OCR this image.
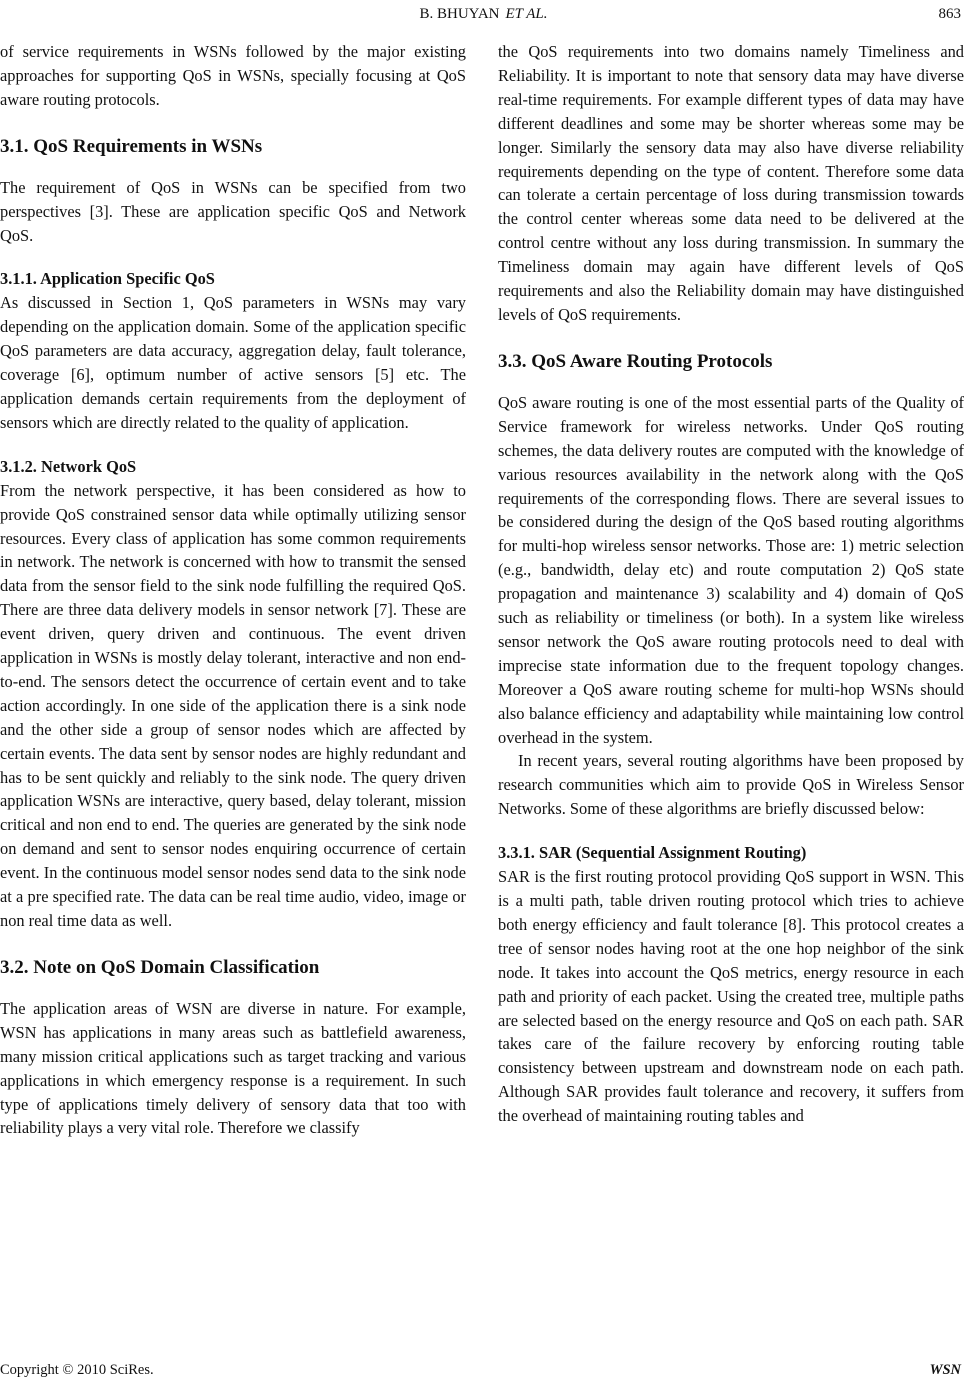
B. BHUYAN ET AL.	863

of service requirements in WSNs followed by the major existing approaches for supporting QoS in WSNs, specially focusing at QoS aware routing protocols.

3.1. QoS Requirements in WSNs

The requirement of QoS in WSNs can be specified from two perspectives [3]. These are application specific QoS and Network QoS.

3.1.1. Application Specific QoS

As discussed in Section 1, QoS parameters in WSNs may vary depending on the application domain. Some of the application specific QoS parameters are data accuracy, aggregation delay, fault tolerance, coverage [6], optimum number of active sensors [5] etc. The application demands certain requirements from the deployment of sensors which are directly related to the quality of application.

3.1.2. Network QoS

From the network perspective, it has been considered as how to provide QoS constrained sensor data while optimally utilizing sensor resources. Every class of application has some common requirements in network. The network is concerned with how to transmit the sensed data from the sensor field to the sink node fulfilling the required QoS. There are three data delivery models in sensor network [7]. These are event driven, query driven and continuous. The event driven application in WSNs is mostly delay tolerant, interactive and non end-to-end. The sensors detect the occurrence of certain event and to take action accordingly. In one side of the application there is a sink node and the other side a group of sensor nodes which are affected by certain events. The data sent by sensor nodes are highly redundant and has to be sent quickly and reliably to the sink node. The query driven application WSNs are interactive, query based, delay tolerant, mission critical and non end to end. The queries are generated by the sink node on demand and sent to sensor nodes enquiring occurrence of certain event. In the continuous model sensor nodes send data to the sink node at a pre specified rate. The data can be real time audio, video, image or non real time data as well.

3.2. Note on QoS Domain Classification

The application areas of WSN are diverse in nature. For example, WSN has applications in many areas such as battlefield awareness, many mission critical applications such as target tracking and various applications in which emergency response is a requirement. In such type of applications timely delivery of sensory data that too with reliability plays a very vital role. Therefore we classify

the QoS requirements into two domains namely Timeliness and Reliability. It is important to note that sensory data may have diverse real-time requirements. For example different types of data may have different deadlines and some may be shorter whereas some may be longer. Similarly the sensory data may also have diverse reliability requirements depending on the type of content. Therefore some data can tolerate a certain percentage of loss during transmission towards the control center whereas some data need to be delivered at the control centre without any loss during transmission. In summary the Timeliness domain may again have different levels of QoS requirements and also the Reliability domain may have distinguished levels of QoS requirements.

3.3. QoS Aware Routing Protocols

QoS aware routing is one of the most essential parts of the Quality of Service framework for wireless networks. Under QoS routing schemes, the data delivery routes are computed with the knowledge of various resources availability in the network along with the QoS requirements of the corresponding flows. There are several issues to be considered during the design of the QoS based routing algorithms for multi-hop wireless sensor networks. Those are: 1) metric selection (e.g., bandwidth, delay etc) and route computation 2) QoS state propagation and maintenance 3) scalability and 4) domain of QoS such as reliability or timeliness (or both). In a system like wireless sensor network the QoS aware routing protocols need to deal with imprecise state information due to the frequent topology changes. Moreover a QoS aware routing scheme for multi-hop WSNs should also balance efficiency and adaptability while maintaining low control overhead in the system.

In recent years, several routing algorithms have been proposed by research communities which aim to provide QoS in Wireless Sensor Networks. Some of these algorithms are briefly discussed below:

3.3.1. SAR (Sequential Assignment Routing)

SAR is the first routing protocol providing QoS support in WSN. This is a multi path, table driven routing protocol which tries to achieve both energy efficiency and fault tolerance [8]. This protocol creates a tree of sensor nodes having root at the one hop neighbor of the sink node. It takes into account the QoS metrics, energy resource in each path and priority of each packet. Using the created tree, multiple paths are selected based on the energy resource and QoS on each path. SAR takes care of the failure recovery by enforcing routing table consistency between upstream and downstream node on each path. Although SAR provides fault tolerance and recovery, it suffers from the overhead of maintaining routing tables and

Copyright © 2010 SciRes.	WSN
